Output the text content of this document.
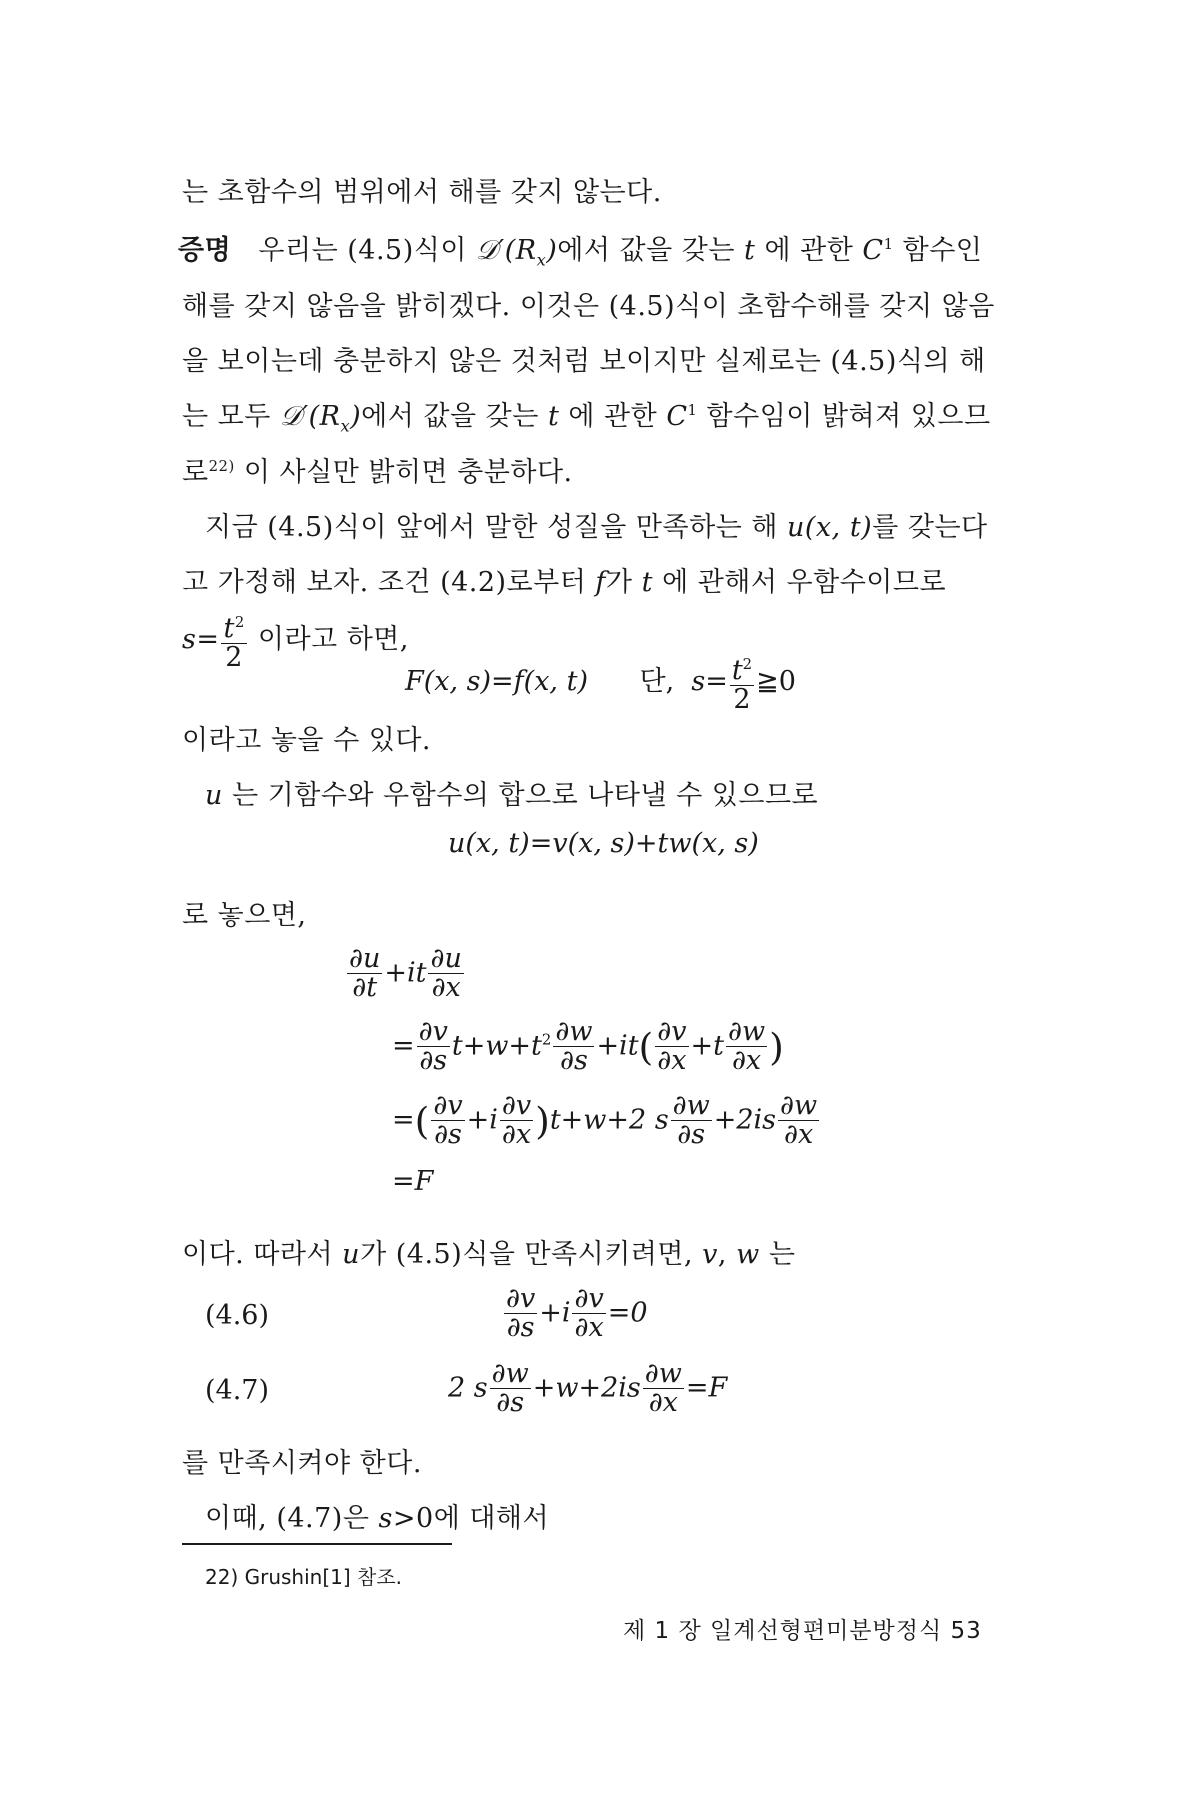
는 초함수의 범위에서 해를 갖지 않는다.
증명 우리는 (4.5)식이 $𝒟'(R_x)$에서 값을 갖는 t 에 관한 $C^1$ 함수인
해를 갖지 않음을 밝히겠다. 이것은 (4.5)식이 초함수해를 갖지 않음
을 보이는데 충분하지 않은 것처럼 보이지만 실제로는 (4.5)식의 해
는 모두 $𝒟'(R_x)$에서 값을 갖는 t 에 관한 $C^1$ 함수임이 밝혀져 있으므
로$^{22)}$ 이 사실만 밝히면 충분하다.
지금 (4.5)식이 앞에서 말한 성질을 만족하는 해 u(x, t)를 갖는다
고 가정해 보자. 조건 (4.2)로부터 f가 t 에 관해서 우함수이므로
$s= \frac{t^2}{2}$ 이라고 하면,
F(x, s)=f(x, t) 단, $s= \frac{t^2}{2}$ ≧0
이라고 놓을 수 있다.
u 는 기함수와 우함수의 합으로 나타낼 수 있으므로
u(x, t)=v(x, s)+tw(x, s)
로 놓으면,
$\frac{\partial u}{\partial t} +it \frac{\partial u}{\partial x}$
= $\frac{\partial v}{\partial s} t+w+t^2 \frac{\partial w}{\partial s} +it( \frac{\partial v}{\partial x} +t \frac{\partial w}{\partial x}$ )
=( $\frac{\partial v}{\partial s} +i \frac{\partial v}{\partial x} )t+w+2$ s $\frac{\partial w}{\partial s} +2is \frac{\partial w}{\partial x}$
=F
이다. 따라서 u가 (4.5)식을 만족시키려면, v, w 는
(4.6)	$\frac{\partial v}{\partial s} +i \frac{\partial v}{\partial x} =0$
(4.7)	2 s $\frac{\partial w}{\partial s} +w+2is \frac{\partial w}{\partial x} =F$
를 만족시켜야 한다.
이때, (4.7)은 s>0에 대해서
22) Grushin[1] 참조.
제 1 장 일계선형편미분방정식 53
